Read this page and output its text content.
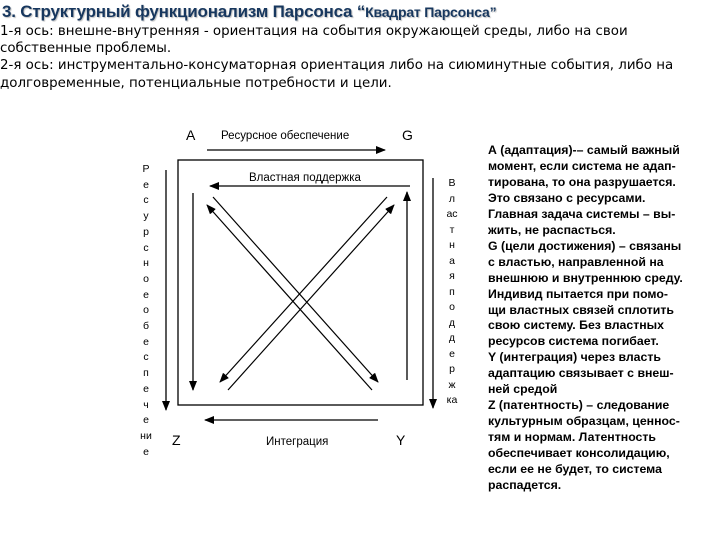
3. Структурный функционализм Парсонса “Квадрат Парсонса”
1-я ось: внешне-внутренняя - ориентация на события окружающей среды, либо на свои
собственные проблемы.
2-я ось: инструментально-консуматорная ориентация либо на сиюминутные события, либо на
долговременные, потенциальные потребности и цели.
A	G
Z	Y
Ресурсное обеспечение
Властная поддержка
Интеграция
Р
е
с
у
р
с
н
о
е
о
б
е
с
п
е
ч
е
ни
е
В
л
ас
т
н
а
я
п
о
д
д
е
р
ж
ка
А (адаптация)-– самый важный
момент, если система не адап-
тирована, то она разрушается.
Это связано с ресурсами.
Главная задача системы – вы-
жить, не распасться.
G (цели достижения) – связаны
с властью, направленной на
внешнюю и внутреннюю среду.
Индивид пытается при помо-
щи властных связей сплотить
свою систему. Без властных
ресурсов система погибает.
Y (интеграция) через власть
адаптацию связывает с внеш-
ней средой
Z (патентность) – следование
культурным образцам, ценнос-
тям и нормам. Латентность
обеспечивает консолидацию,
если ее не будет, то система
распадется.
